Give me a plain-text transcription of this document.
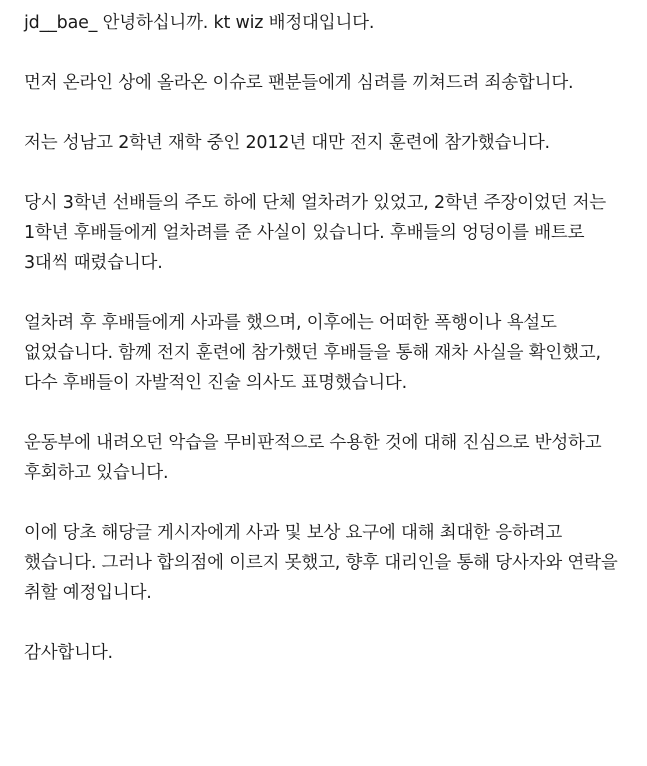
jd__bae_ 안녕하십니까. kt wiz 배정대입니다.

먼저 온라인 상에 올라온 이슈로 팬분들에게 심려를 끼쳐드려 죄송합니다.

저는 성남고 2학년 재학 중인 2012년 대만 전지 훈련에 참가했습니다.

당시 3학년 선배들의 주도 하에 단체 얼차려가 있었고, 2학년 주장이었던 저는 1학년 후배들에게 얼차려를 준 사실이 있습니다. 후배들의 엉덩이를 배트로 3대씩 때렸습니다.

얼차려 후 후배들에게 사과를 했으며, 이후에는 어떠한 폭행이나 욕설도 없었습니다. 함께 전지 훈련에 참가했던 후배들을 통해 재차 사실을 확인했고, 다수 후배들이 자발적인 진술 의사도 표명했습니다.

운동부에 내려오던 악습을 무비판적으로 수용한 것에 대해 진심으로 반성하고 후회하고 있습니다.

이에 당초 해당글 게시자에게 사과 및 보상 요구에 대해 최대한 응하려고 했습니다. 그러나 합의점에 이르지 못했고, 향후 대리인을 통해 당사자와 연락을 취할 예정입니다.

감사합니다.
